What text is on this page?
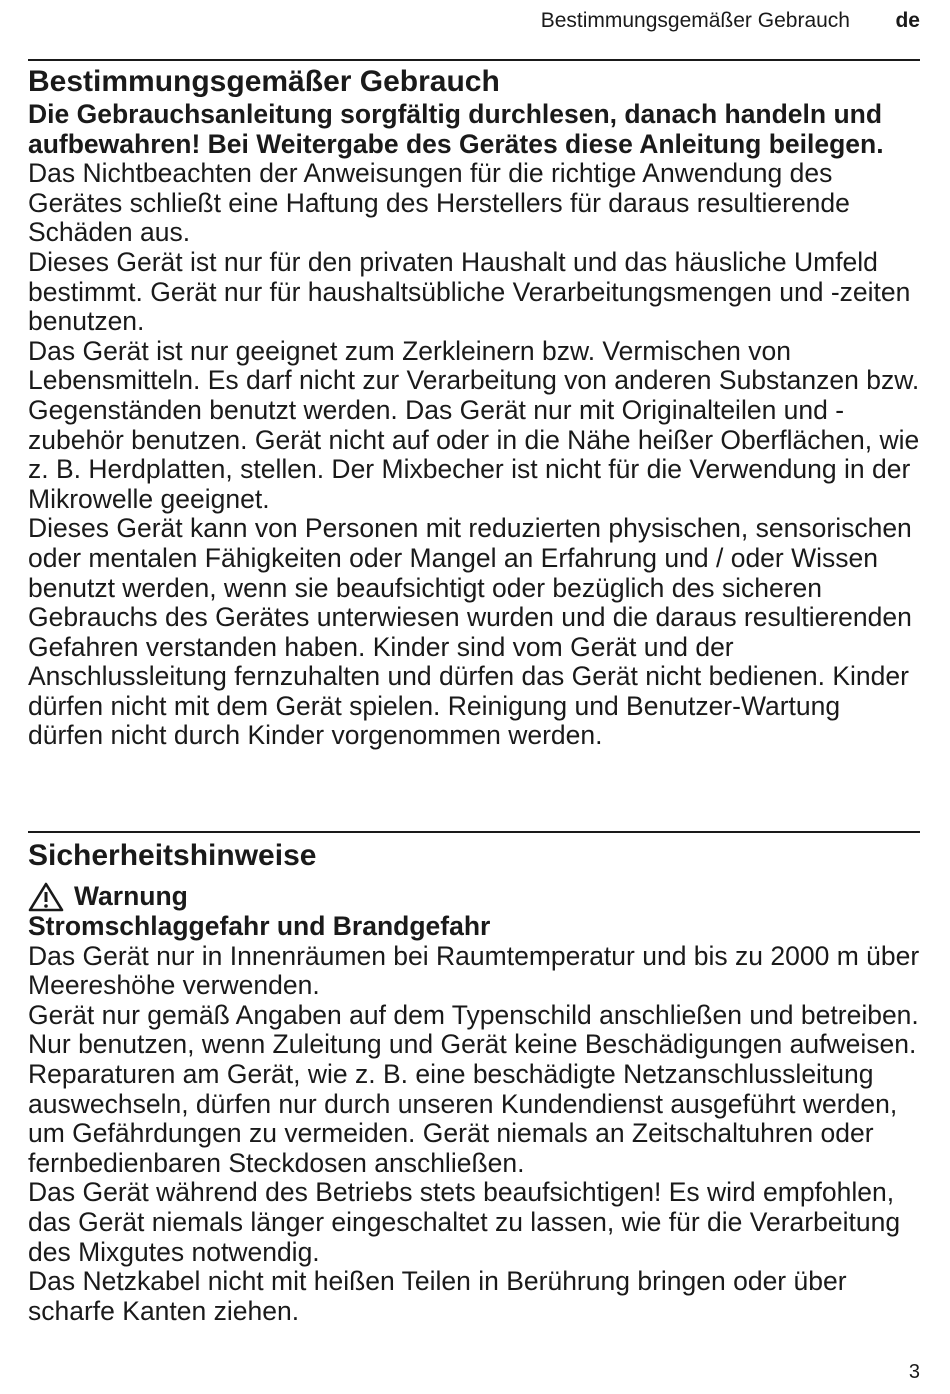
Bestimmungsgemäßer Gebrauch de
Bestimmungsgemäßer Gebrauch

Die Gebrauchsanleitung sorgfältig durchlesen, danach handeln und aufbewahren! Bei Weitergabe des Gerätes diese Anleitung beilegen.

Das Nichtbeachten der Anweisungen für die richtige Anwendung des Gerätes schließt eine Haftung des Herstellers für daraus resultierende Schäden aus.

Dieses Gerät ist nur für den privaten Haushalt und das häusliche Umfeld bestimmt. Gerät nur für haushaltsübliche Verarbeitungsmengen und -zeiten benutzen.

Das Gerät ist nur geeignet zum Zerkleinern bzw. Vermischen von Lebensmitteln. Es darf nicht zur Verarbeitung von anderen Substanzen bzw. Gegenständen benutzt werden. Das Gerät nur mit Originalteilen und -zubehör benutzen. Gerät nicht auf oder in die Nähe heißer Oberflächen, wie z. B. Herdplatten, stellen. Der Mixbecher ist nicht für die Verwendung in der Mikrowelle geeignet.

Dieses Gerät kann von Personen mit reduzierten physischen, sensorischen oder mentalen Fähigkeiten oder Mangel an Erfahrung und / oder Wissen benutzt werden, wenn sie beaufsichtigt oder bezüglich des sicheren Gebrauchs des Gerätes unterwiesen wurden und die daraus resultierenden Gefahren verstanden haben. Kinder sind vom Gerät und der Anschlussleitung fernzuhalten und dürfen das Gerät nicht bedienen. Kinder dürfen nicht mit dem Gerät spielen. Reinigung und Benutzer-Wartung dürfen nicht durch Kinder vorgenommen werden.

Sicherheitshinweise
Warnung

Stromschlaggefahr und Brandgefahr

Das Gerät nur in Innenräumen bei Raumtemperatur und bis zu 2000 m über Meereshöhe verwenden.

Gerät nur gemäß Angaben auf dem Typenschild anschließen und betreiben. Nur benutzen, wenn Zuleitung und Gerät keine Beschädigungen aufweisen. Reparaturen am Gerät, wie z. B. eine beschädigte Netzanschlussleitung auswechseln, dürfen nur durch unseren Kundendienst ausgeführt werden, um Gefährdungen zu vermeiden. Gerät niemals an Zeitschaltuhren oder fernbedienbaren Steckdosen anschließen.

Das Gerät während des Betriebs stets beaufsichtigen! Es wird empfohlen, das Gerät niemals länger eingeschaltet zu lassen, wie für die Verarbeitung des Mixgutes notwendig.

Das Netzkabel nicht mit heißen Teilen in Berührung bringen oder über scharfe Kanten ziehen.

3
